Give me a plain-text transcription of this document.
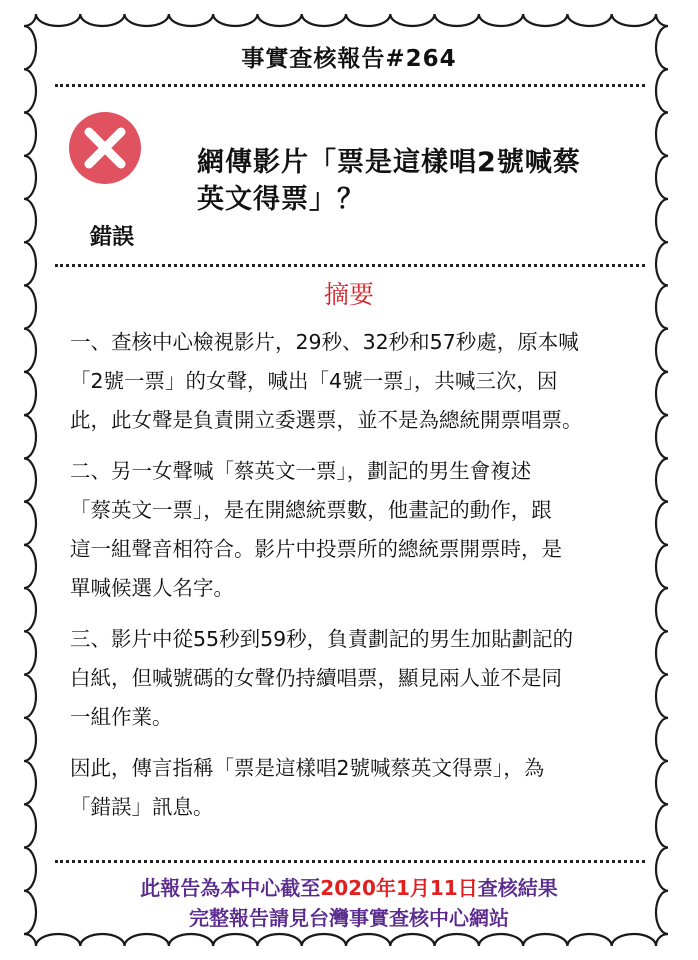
事實查核報告#264
錯誤
網傳影片「票是這樣唱2號喊蔡
英文得票」？
摘要
一、查核中心檢視影片，29秒、32秒和57秒處，原本喊
「2號一票」的女聲，喊出「4號一票」，共喊三次，因
此，此女聲是負責開立委選票，並不是為總統開票唱票。
二、另一女聲喊「蔡英文一票」，劃記的男生會複述
「蔡英文一票」，是在開總統票數，他畫記的動作，跟
這一組聲音相符合。影片中投票所的總統票開票時，是
單喊候選人名字。
三、影片中從55秒到59秒，負責劃記的男生加貼劃記的
白紙，但喊號碼的女聲仍持續唱票，顯見兩人並不是同
一組作業。
因此，傳言指稱「票是這樣唱2號喊蔡英文得票」，為
「錯誤」訊息。
此報告為本中心截至2020年1月11日查核結果
完整報告請見台灣事實查核中心網站
